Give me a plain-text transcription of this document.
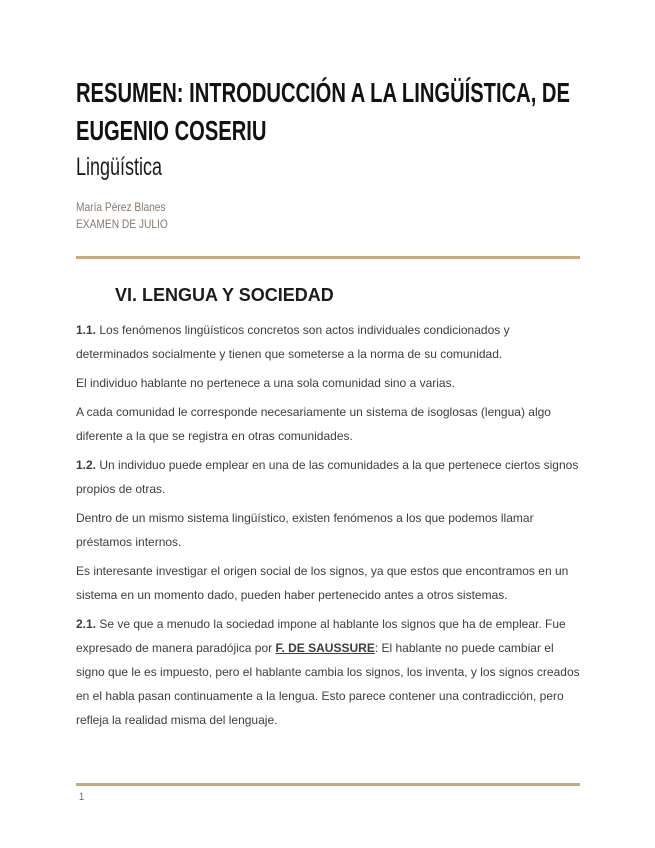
RESUMEN: INTRODUCCIÓN A LA LINGÜÍSTICA, DE
EUGENIO COSERIU
Lingüística
María Pérez Blanes
EXAMEN DE JULIO
VI. LENGUA Y SOCIEDAD

1.1. Los fenómenos lingüísticos concretos son actos individuales condicionados y determinados socialmente y tienen que someterse a la norma de su comunidad.

El individuo hablante no pertenece a una sola comunidad sino a varias.

A cada comunidad le corresponde necesariamente un sistema de isoglosas (lengua) algo diferente a la que se registra en otras comunidades.

1.2. Un individuo puede emplear en una de las comunidades a la que pertenece ciertos signos propios de otras.

Dentro de un mismo sistema lingüístico, existen fenómenos a los que podemos llamar préstamos internos.

Es interesante investigar el origen social de los signos, ya que estos que encontramos en un sistema en un momento dado, pueden haber pertenecido antes a otros sistemas.

2.1. Se ve que a menudo la sociedad impone al hablante los signos que ha de emplear. Fue expresado de manera paradójica por F. DE SAUSSURE: El hablante no puede cambiar el signo que le es impuesto, pero el hablante cambia los signos, los inventa, y los signos creados en el habla pasan continuamente a la lengua. Esto parece contener una contradicción, pero refleja la realidad misma del lenguaje.

1
